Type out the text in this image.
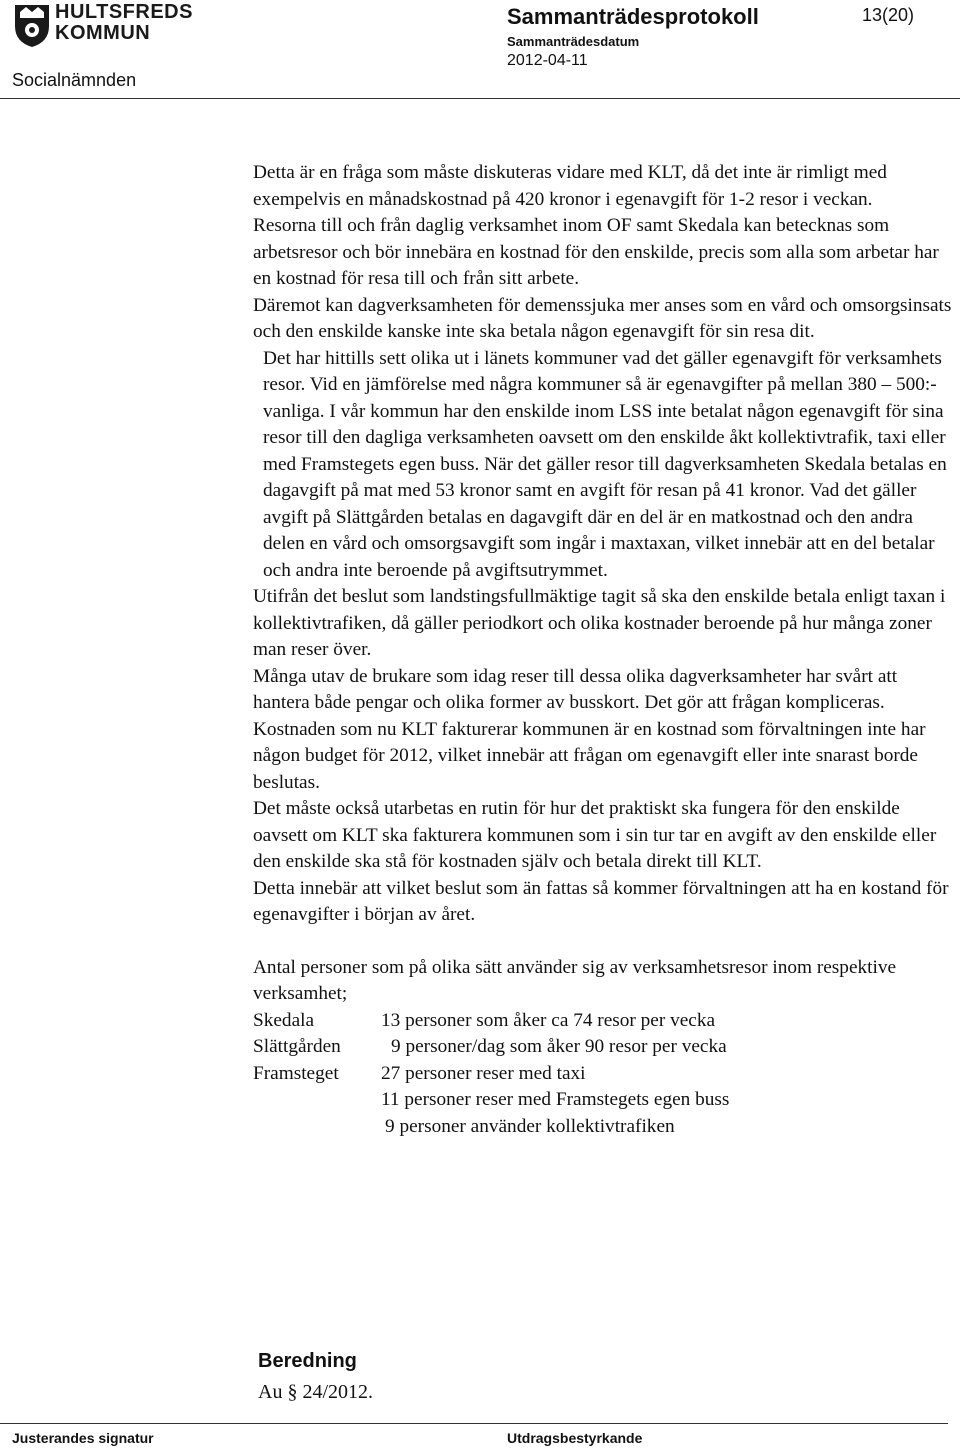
HULTSFREDS
KOMMUN
Socialnämnden
Sammanträdesprotokoll
Sammanträdesdatum
2012-04-11
13(20)

Detta är en fråga som måste diskuteras vidare med KLT, då det inte är rimligt med exempelvis en månadskostnad på 420 kronor i egenavgift för 1-2 resor i veckan.

Resorna till och från daglig verksamhet inom OF samt Skedala kan betecknas som arbetsresor och bör innebära en kostnad för den enskilde, precis som alla som arbetar har en kostnad för resa till och från sitt arbete.

Däremot kan dagverksamheten för demenssjuka mer anses som en vård och omsorgsinsats och den enskilde kanske inte ska betala någon egenavgift för sin resa dit.

Det har hittills sett olika ut i länets kommuner vad det gäller egenavgift för verksamhets resor. Vid en jämförelse med några kommuner så är egenavgifter på mellan 380 – 500:- vanliga. I vår kommun har den enskilde inom LSS inte betalat någon egenavgift för sina resor till den dagliga verksamheten oavsett om den enskilde åkt kollektivtrafik, taxi eller med Framstegets egen buss. När det gäller resor till dagverksamheten Skedala betalas en dagavgift på mat med 53 kronor samt en avgift för resan på 41 kronor. Vad det gäller avgift på Slättgården betalas en dagavgift där en del är en matkostnad och den andra delen en vård och omsorgsavgift som ingår i maxtaxan, vilket innebär att en del betalar och andra inte beroende på avgiftsutrymmet.

Utifrån det beslut som landstingsfullmäktige tagit så ska den enskilde betala enligt taxan i kollektivtrafiken, då gäller periodkort och olika kostnader beroende på hur många zoner man reser över.

Många utav de brukare som idag reser till dessa olika dagverksamheter har svårt att hantera både pengar och olika former av busskort. Det gör att frågan kompliceras.

Kostnaden som nu KLT fakturerar kommunen är en kostnad som förvaltningen inte har någon budget för 2012, vilket innebär att frågan om egenavgift eller inte snarast borde beslutas.

Det måste också utarbetas en rutin för hur det praktiskt ska fungera för den enskilde oavsett om KLT ska fakturera kommunen som i sin tur tar en avgift av den enskilde eller den enskilde ska stå för kostnaden själv och betala direkt till KLT.

Detta innebär att vilket beslut som än fattas så kommer förvaltningen att ha en kostand för egenavgifter i början av året.

Antal personer som på olika sätt använder sig av verksamhetsresor inom respektive verksamhet;

Skedala	13 personer som åker ca 74 resor per vecka
Slättgården	9 personer/dag som åker 90 resor per vecka
Framsteget	27 personer reser med taxi
11 personer reser med Framstegets egen buss
9 personer använder kollektivtrafiken
Beredning
Au § 24/2012.
Justerandes signatur	Utdragsbestyrkande
